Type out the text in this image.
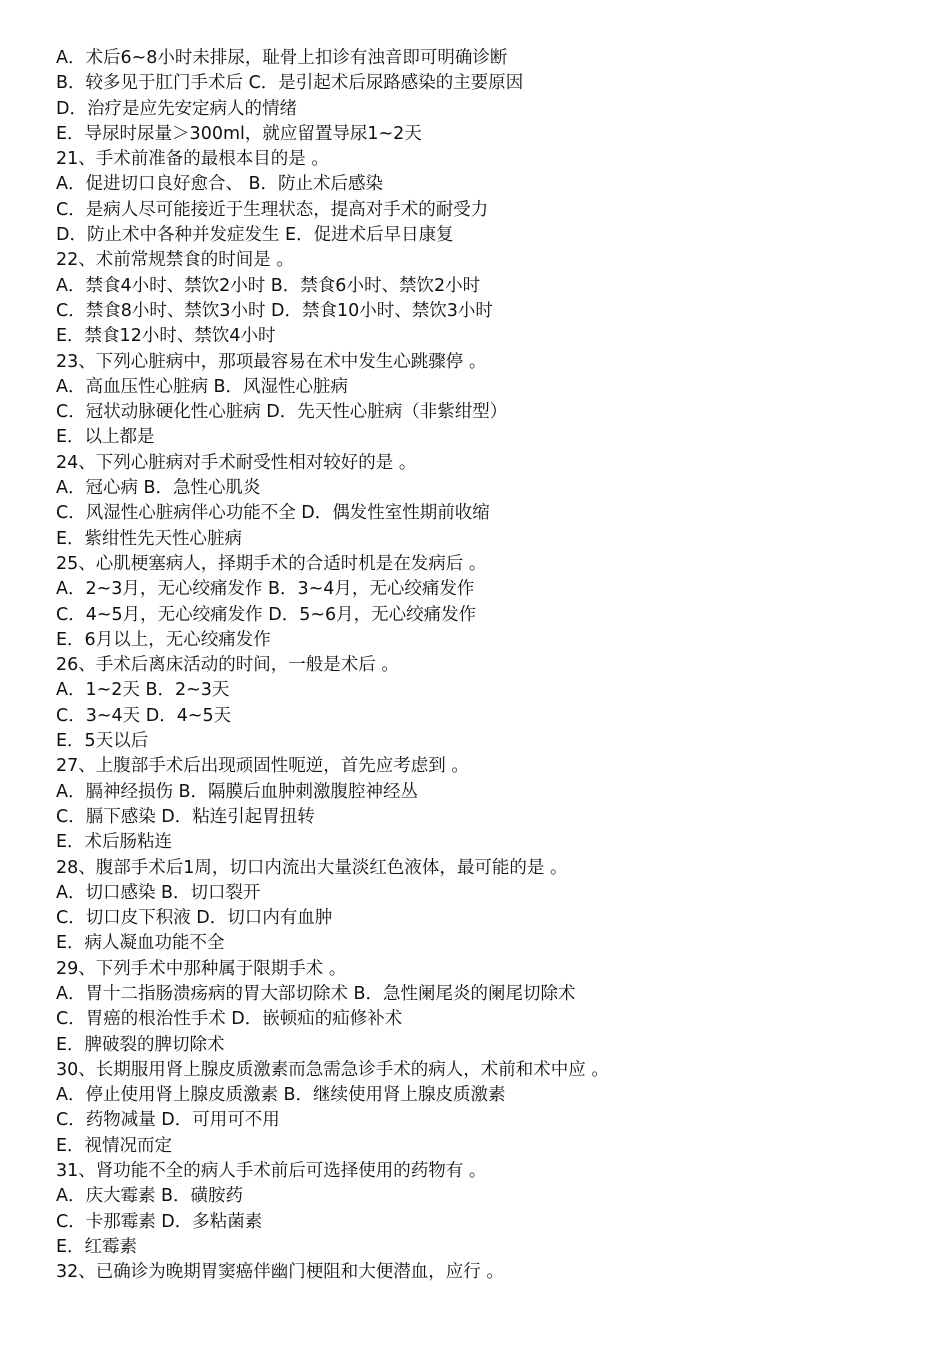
A．术后6~8小时未排尿，耻骨上扣诊有浊音即可明确诊断
B．较多见于肛门手术后 C．是引起术后尿路感染的主要原因
D．治疗是应先安定病人的情绪
E．导尿时尿量＞300ml，就应留置导尿1~2天
21、手术前准备的最根本目的是 。
A．促进切口良好愈合、 B．防止术后感染
C．是病人尽可能接近于生理状态，提高对手术的耐受力
D．防止术中各种并发症发生 E．促进术后早日康复
22、术前常规禁食的时间是 。
A．禁食4小时、禁饮2小时 B．禁食6小时、禁饮2小时
C．禁食8小时、禁饮3小时 D．禁食10小时、禁饮3小时
E．禁食12小时、禁饮4小时
23、下列心脏病中，那项最容易在术中发生心跳骤停 。
A．高血压性心脏病 B．风湿性心脏病
C．冠状动脉硬化性心脏病 D．先天性心脏病（非紫绀型）
E．以上都是
24、下列心脏病对手术耐受性相对较好的是 。
A．冠心病 B．急性心肌炎
C．风湿性心脏病伴心功能不全 D．偶发性室性期前收缩
E．紫绀性先天性心脏病
25、心肌梗塞病人，择期手术的合适时机是在发病后 。
A．2~3月，无心绞痛发作 B．3~4月，无心绞痛发作
C．4~5月，无心绞痛发作 D．5~6月，无心绞痛发作
E．6月以上，无心绞痛发作
26、手术后离床活动的时间，一般是术后 。
A．1~2天 B．2~3天
C．3~4天 D．4~5天
E．5天以后
27、上腹部手术后出现顽固性呃逆，首先应考虑到 。
A．膈神经损伤 B．隔膜后血肿刺激腹腔神经丛
C．膈下感染 D．粘连引起胃扭转
E．术后肠粘连
28、腹部手术后1周，切口内流出大量淡红色液体，最可能的是 。
A．切口感染 B．切口裂开
C．切口皮下积液 D．切口内有血肿
E．病人凝血功能不全
29、下列手术中那种属于限期手术 。
A．胃十二指肠溃疡病的胃大部切除术 B．急性阑尾炎的阑尾切除术
C．胃癌的根治性手术 D．嵌顿疝的疝修补术
E．脾破裂的脾切除术
30、长期服用肾上腺皮质激素而急需急诊手术的病人，术前和术中应 。
A．停止使用肾上腺皮质激素 B．继续使用肾上腺皮质激素
C．药物减量 D．可用可不用
E．视情况而定
31、肾功能不全的病人手术前后可选择使用的药物有 。
A．庆大霉素 B．磺胺药
C．卡那霉素 D．多粘菌素
E．红霉素
32、已确诊为晚期胃窦癌伴幽门梗阻和大便潜血，应行 。
